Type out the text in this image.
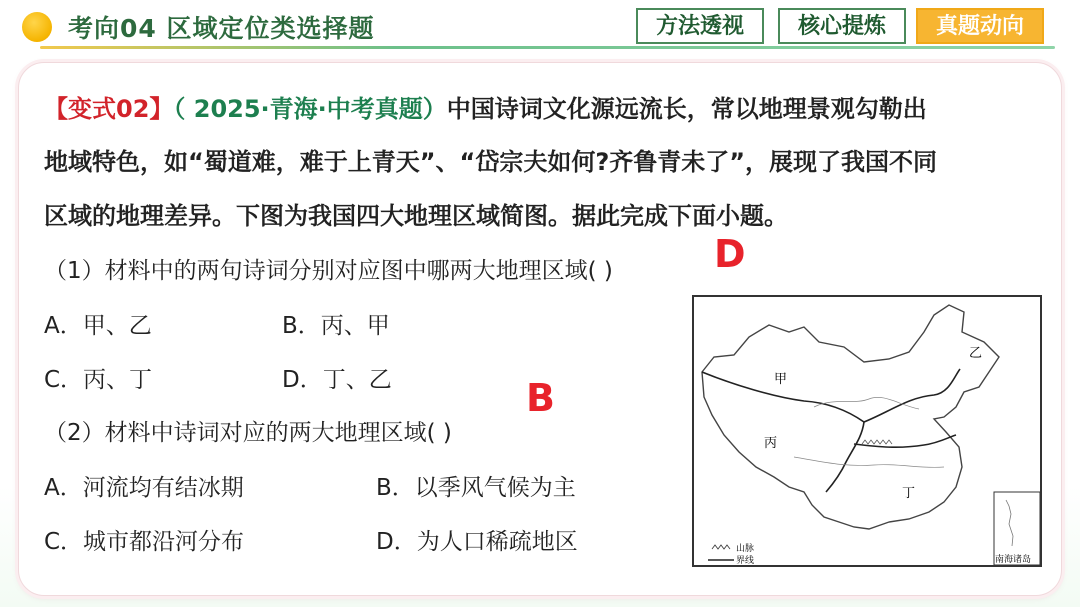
考向04 区域定位类选择题	方法透视	核心提炼	真题动向
【变式02】（ 2025·青海·中考真题）中国诗词文化源远流长，常以地理景观勾勒出
地域特色，如“蜀道难，难于上青天”、“岱宗夫如何?齐鲁青未了”，展现了我国不同
区域的地理差异。下图为我国四大地理区域简图。据此完成下面小题。
（1）材料中的两句诗词分别对应图中哪两大地理区域( )	D
A．甲、乙	B．丙、甲
C．丙、丁	D．丁、乙	B
（2）材料中诗词对应的两大地理区域( )
A．河流均有结冰期	B．以季风气候为主
C．城市都沿河分布	D．为人口稀疏地区
甲
乙
丙
丁
南海诸岛
山脉
界线
